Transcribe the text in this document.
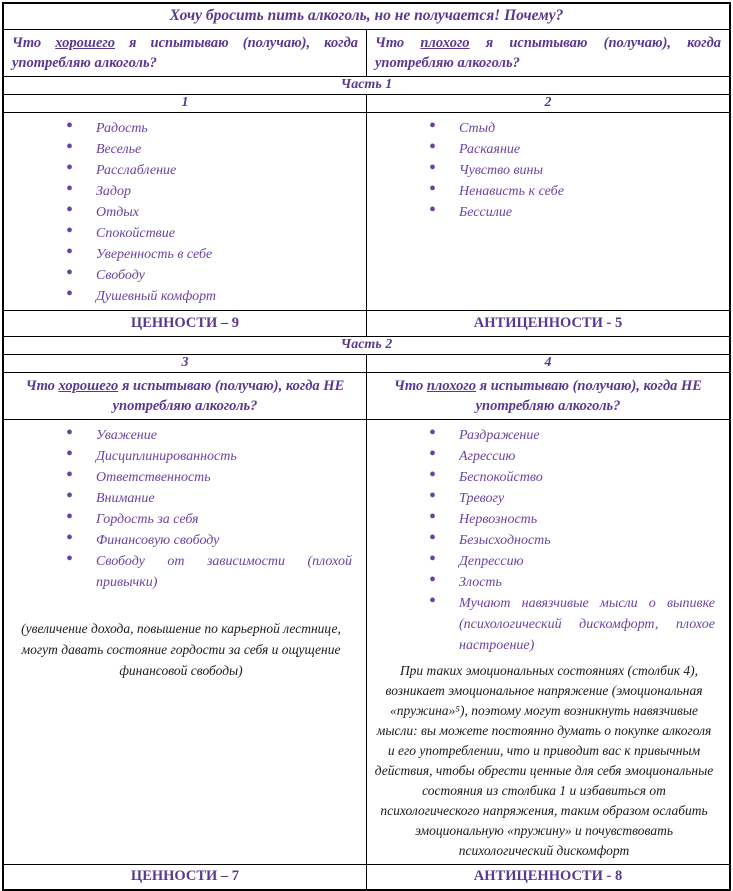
Хочу бросить пить алкоголь, но не получается! Почему?	
Что хорошего я испытываю (получаю), когда употребляю алкоголь?	Что плохого я испытываю (получаю), когда употребляю алкоголь?
Часть 1	
1	2

• Радость
• Веселье
• Расслабление
• Задор
• Отдых
• Спокойствие
• Уверенность в себе
• Свободу
• Душевный комфорт

• Стыд
• Раскаяние
• Чувство вины
• Ненависть к себе
• Бессилие

ЦЕННОСТИ – 9	АНТИЦЕННОСТИ - 5
Часть 2	
3	4
Что хорошего я испытываю (получаю), когда НЕ употребляю алкоголь?	Что плохого я испытываю (получаю), когда НЕ употребляю алкоголь?

• Уважение
• Дисциплинированность
• Ответственность
• Внимание
• Гордость за себя
• Финансовую свободу
• Свободу от зависимости (плохой привычки)
(увеличение дохода, повышение по карьерной лестнице, могут давать состояние гордости за себя и ощущение финансовой свободы)

• Раздражение
• Агрессию
• Беспокойство
• Тревогу
• Нервозность
• Безысходность
• Депрессию
• Злость
• Мучают навязчивые мысли о выпивке (психологический дискомфорт, плохое настроение)
При таких эмоциональных состояниях (столбик 4), возникает эмоциональное напряжение (эмоциональная «пружина»⁵), поэтому могут возникнуть навязчивые мысли: вы можете постоянно думать о покупке алкоголя и его употреблении, что и приводит вас к привычным действия, чтобы обрести ценные для себя эмоциональные состояния из столбика 1 и избавиться от психологического напряжения, таким образом ослабить эмоциональную «пружину» и почувствовать психологический дискомфорт

ЦЕННОСТИ – 7	АНТИЦЕННОСТИ - 8
